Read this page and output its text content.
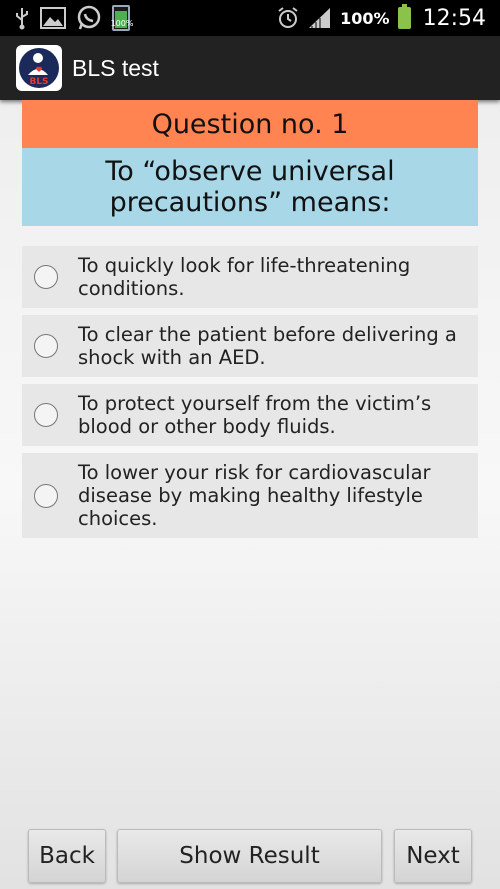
100%	100% 12:54
BLS
BLS test
Question no. 1
To “observe universal precautions” means:
To quickly look for life-threatening conditions.
To clear the patient before delivering a shock with an AED.
To protect yourself from the victim’s blood or other body fluids.
To lower your risk for cardiovascular disease by making healthy lifestyle choices.
Back	Show Result	Next
